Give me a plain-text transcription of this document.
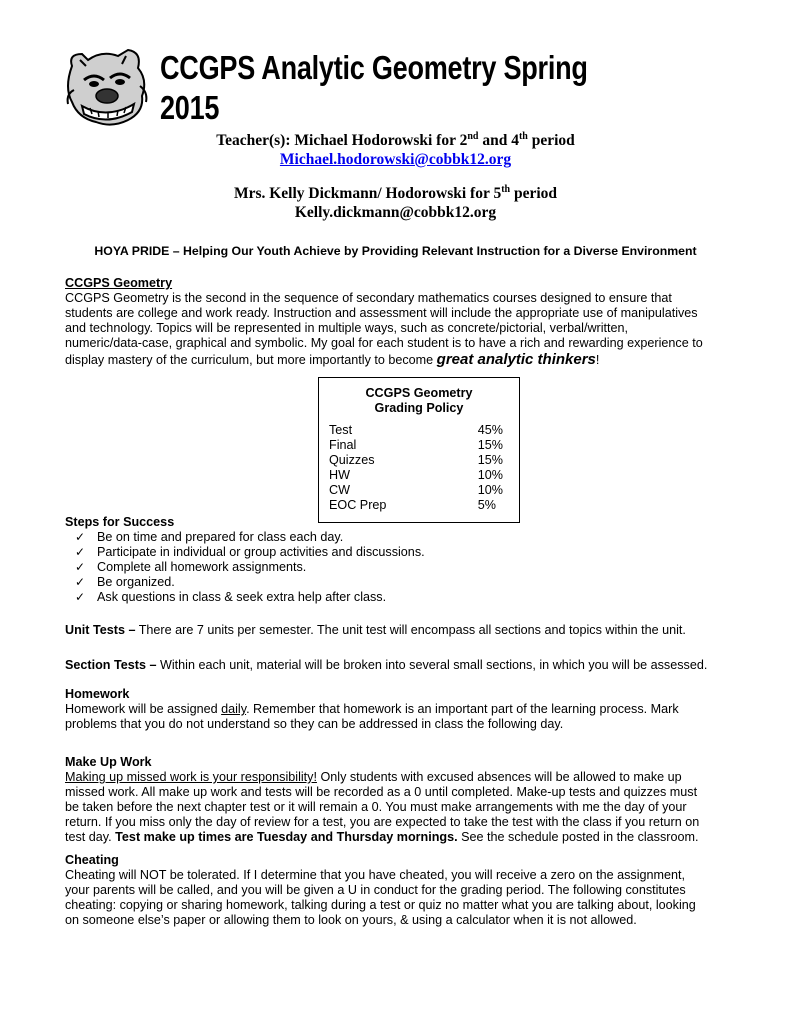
CCGPS Analytic Geometry Spring 2015
Teacher(s): Michael Hodorowski for 2nd and 4th period
Michael.hodorowski@cobbk12.org
Mrs. Kelly Dickmann/ Hodorowski for 5th period
Kelly.dickmann@cobbk12.org
HOYA PRIDE – Helping Our Youth Achieve by Providing Relevant Instruction for a Diverse Environment
CCGPS Geometry
CCGPS Geometry is the second in the sequence of secondary mathematics courses designed to ensure that
students are college and work ready. Instruction and assessment will include the appropriate use of manipulatives
and technology. Topics will be represented in multiple ways, such as concrete/pictorial, verbal/written,
numeric/data-case, graphical and symbolic. My goal for each student is to have a rich and rewarding experience to
display mastery of the curriculum, but more importantly to become great analytic thinkers!
CCGPS Geometry Grading Policy
Test	45%
Final	15%
Quizzes	15%
HW	10%
CW	10%
EOC Prep	5%
Steps for Success
✓ Be on time and prepared for class each day.
✓ Participate in individual or group activities and discussions.
✓ Complete all homework assignments.
✓ Be organized.
✓ Ask questions in class & seek extra help after class.
Unit Tests – There are 7 units per semester. The unit test will encompass all sections and topics within the unit.
Section Tests – Within each unit, material will be broken into several small sections, in which you will be assessed.
Homework
Homework will be assigned daily. Remember that homework is an important part of the learning process. Mark
problems that you do not understand so they can be addressed in class the following day.
Make Up Work
Making up missed work is your responsibility! Only students with excused absences will be allowed to make up
missed work. All make up work and tests will be recorded as a 0 until completed. Make-up tests and quizzes must
be taken before the next chapter test or it will remain a 0. You must make arrangements with me the day of your
return. If you miss only the day of review for a test, you are expected to take the test with the class if you return on
test day. Test make up times are Tuesday and Thursday mornings. See the schedule posted in the classroom.
Cheating
Cheating will NOT be tolerated. If I determine that you have cheated, you will receive a zero on the assignment,
your parents will be called, and you will be given a U in conduct for the grading period. The following constitutes
cheating: copying or sharing homework, talking during a test or quiz no matter what you are talking about, looking
on someone else’s paper or allowing them to look on yours, & using a calculator when it is not allowed.
